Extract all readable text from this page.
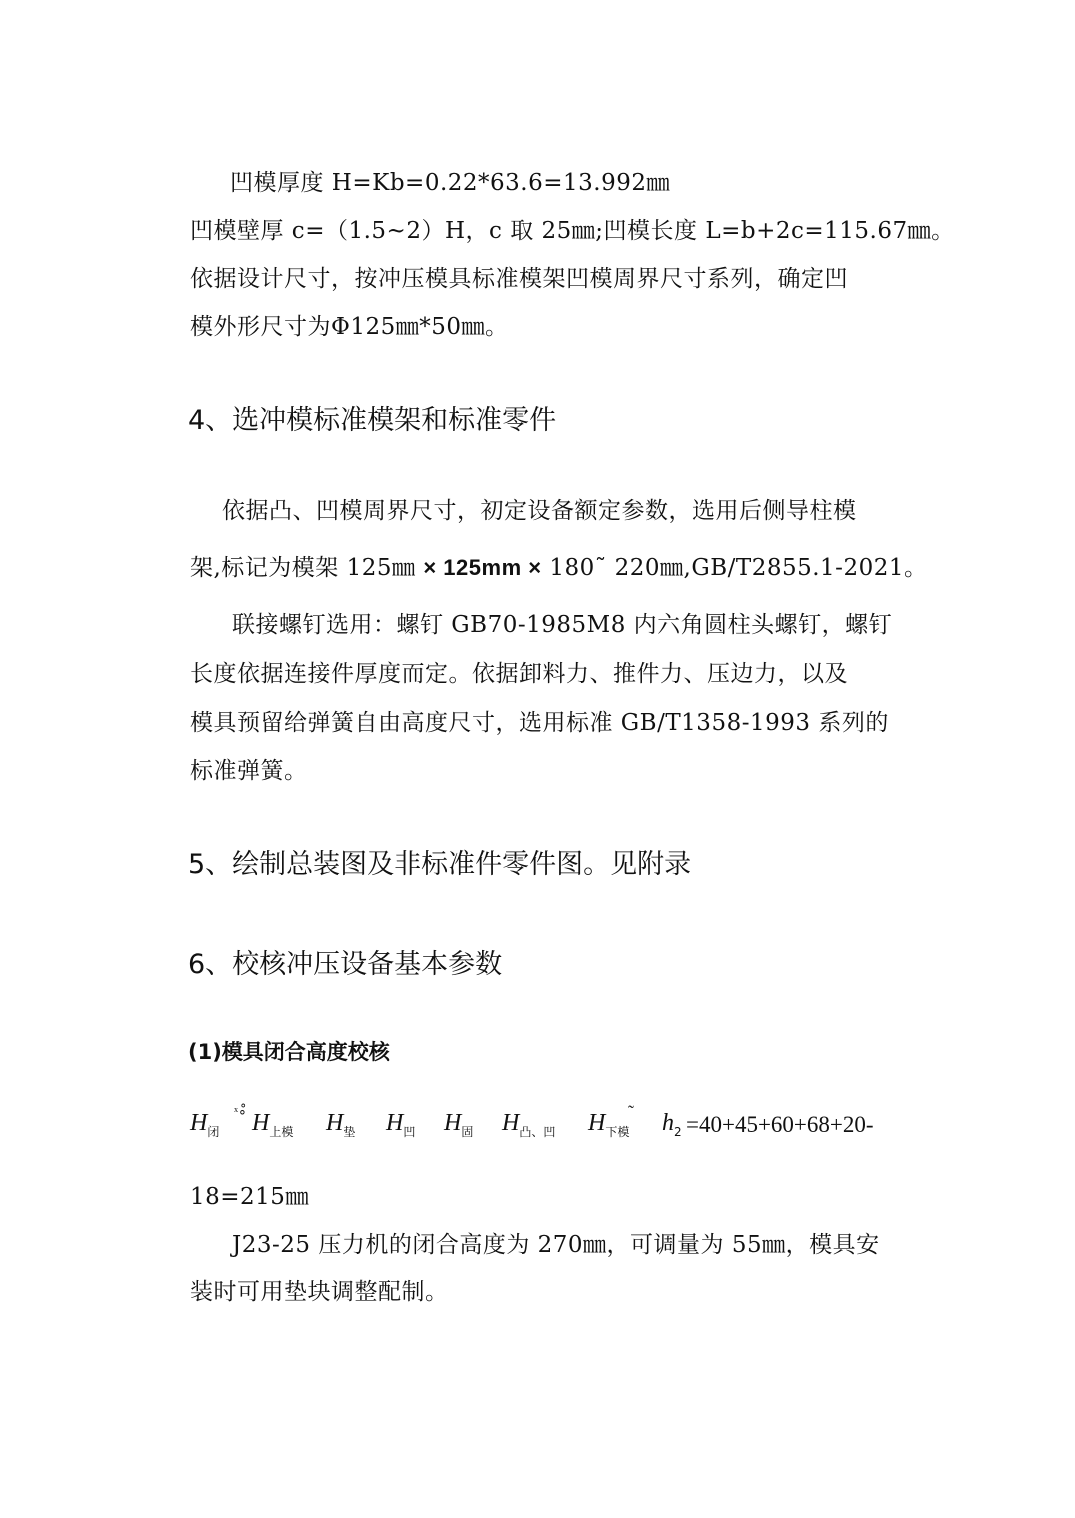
凹模厚度 H=Kb=0.22*63.6=13.992㎜
凹模壁厚 c=（1.5~2）H，c 取 25㎜;凹模长度 L=b+2c=115.67㎜。
依据设计尺寸，按冲压模具标准模架凹模周界尺寸系列，确定凹
模外形尺寸为Φ125㎜*50㎜。
4、选冲模标准模架和标准零件
依据凸、凹模周界尺寸，初定设备额定参数，选用后侧导柱模
架,标记为模架 125㎜ × 125mm × 180˜ 220㎜,GB/T2855.1-2021。
联接螺钉选用：螺钉 GB70-1985M8 内六角圆柱头螺钉，螺钉
长度依据连接件厚度而定。依据卸料力、推件力、压边力，以及
模具预留给弹簧自由高度尺寸，选用标准 GB/T1358-1993 系列的
标准弹簧。
5、绘制总装图及非标准件零件图。见附录
6、校核冲压设备基本参数
(1)模具闭合高度校核
$H_闭$
ˣ∘̊ $H_{上模}$ $H_垫$ $H_凹$ $H_固$ $H_{凸、凹}$
˜
$H_{下模}$ $h_2 =40+45+60+68+20-$
18=215㎜
J23-25 压力机的闭合高度为 270㎜，可调量为 55㎜，模具安
装时可用垫块调整配制。
